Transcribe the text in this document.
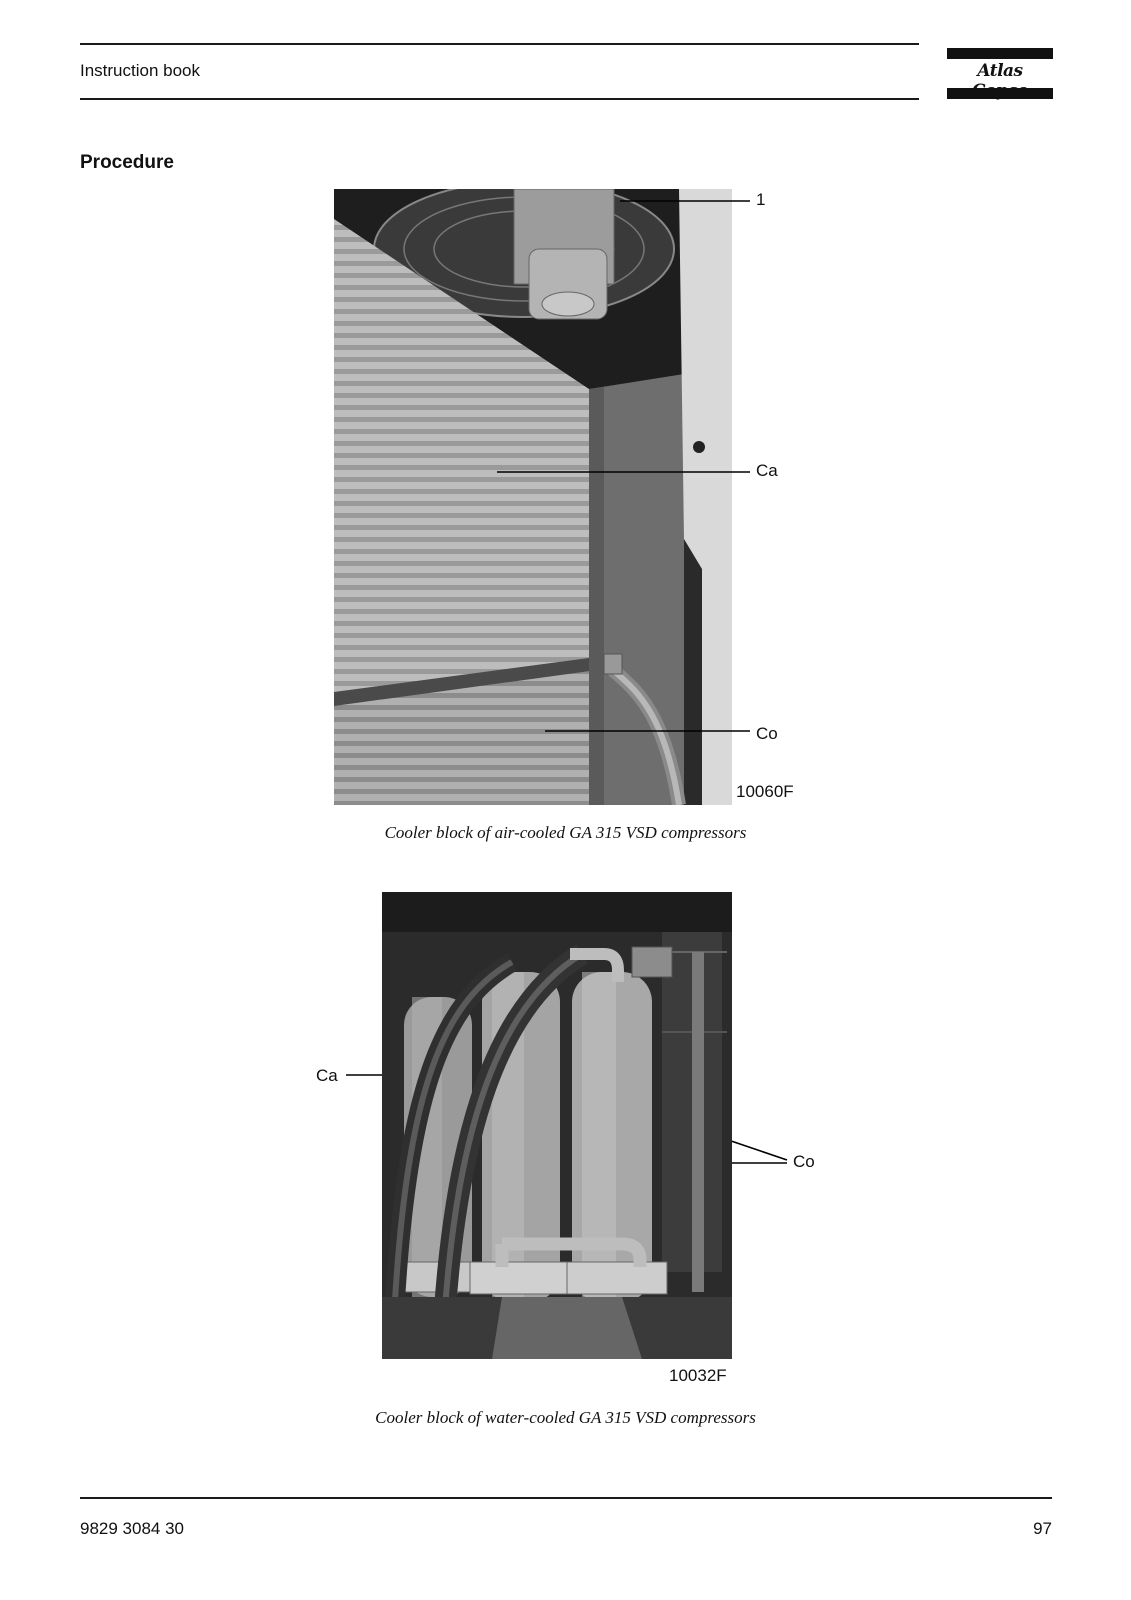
Instruction book	Atlas
Procedure
1
Ca
Co
10060F
Cooler block of air-cooled GA 315 VSD compressors
Ca
Co
10032F
Cooler block of water-cooled GA 315 VSD compressors
9829 3084 30	97
